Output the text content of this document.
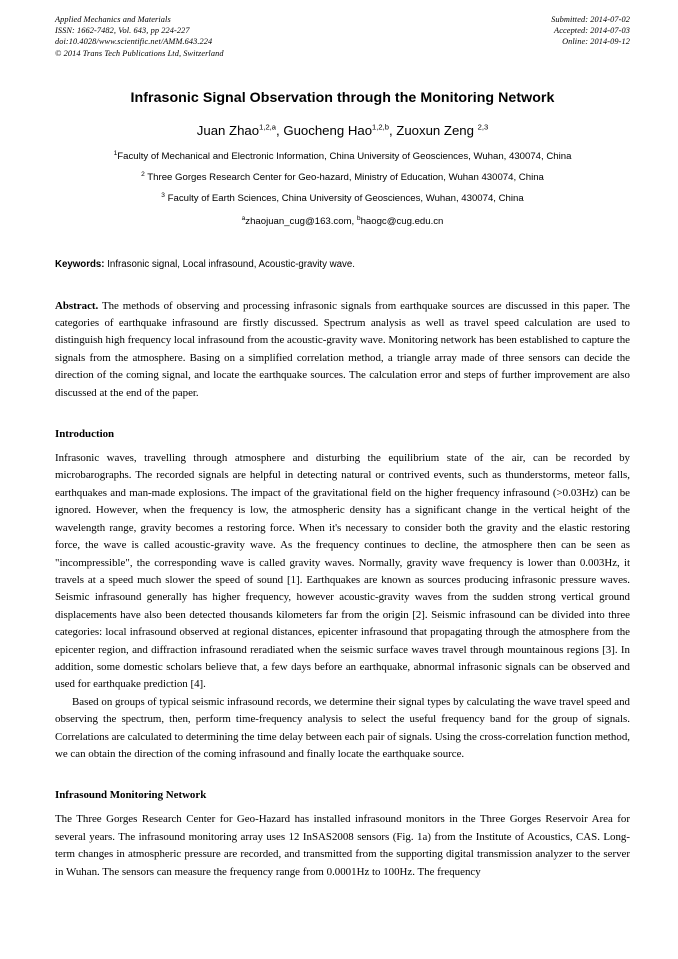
Applied Mechanics and Materials
ISSN: 1662-7482, Vol. 643, pp 224-227
doi:10.4028/www.scientific.net/AMM.643.224
© 2014 Trans Tech Publications Ltd, Switzerland
Submitted: 2014-07-02
Accepted: 2014-07-03
Online: 2014-09-12
Infrasonic Signal Observation through the Monitoring Network
Juan Zhao$^{1,2,a}$, Guocheng Hao$^{1,2,b}$, Zuoxun Zeng $^{2,3}$
$^1$Faculty of Mechanical and Electronic Information, China University of Geosciences, Wuhan, 430074, China
$^2$ Three Gorges Research Center for Geo-hazard, Ministry of Education, Wuhan 430074, China
$^3$ Faculty of Earth Sciences, China University of Geosciences, Wuhan, 430074, China
$^a$zhaojuan_cug@163.com, $^b$haogc@cug.edu.cn
Keywords: Infrasonic signal, Local infrasound, Acoustic-gravity wave.

Abstract. The methods of observing and processing infrasonic signals from earthquake sources are discussed in this paper. The categories of earthquake infrasound are firstly discussed. Spectrum analysis as well as travel speed calculation are used to distinguish high frequency local infrasound from the acoustic-gravity wave. Monitoring network has been established to capture the signals from the atmosphere. Basing on a simplified correlation method, a triangle array made of three sensors can decide the direction of the coming signal, and locate the earthquake sources. The calculation error and steps of further improvement are also discussed at the end of the paper.

Introduction

Infrasonic waves, travelling through atmosphere and disturbing the equilibrium state of the air, can be recorded by microbarographs. The recorded signals are helpful in detecting natural or contrived events, such as thunderstorms, meteor falls, earthquakes and man-made explosions. The impact of the gravitational field on the higher frequency infrasound (>0.03Hz) can be ignored. However, when the frequency is low, the atmospheric density has a significant change in the vertical height of the wavelength range, gravity becomes a restoring force. When it's necessary to consider both the gravity and the elastic restoring force, the wave is called acoustic-gravity wave. As the frequency continues to decline, the atmosphere then can be seen as "incompressible", the corresponding wave is called gravity waves. Normally, gravity wave frequency is lower than 0.003Hz, it travels at a speed much slower the speed of sound [1]. Earthquakes are known as sources producing infrasonic pressure waves. Seismic infrasound generally has higher frequency, however acoustic-gravity waves from the sudden strong vertical ground displacements have also been detected thousands kilometers far from the origin [2]. Seismic infrasound can be divided into three categories: local infrasound observed at regional distances, epicenter infrasound that propagating through the atmosphere from the epicenter region, and diffraction infrasound reradiated when the seismic surface waves travel through mountainous regions [3]. In addition, some domestic scholars believe that, a few days before an earthquake, abnormal infrasonic signals can be observed and used for earthquake prediction [4].

Based on groups of typical seismic infrasound records, we determine their signal types by calculating the wave travel speed and observing the spectrum, then, perform time-frequency analysis to select the useful frequency band for the group of signals. Correlations are calculated to determining the time delay between each pair of signals. Using the cross-correlation function method, we can obtain the direction of the coming infrasound and finally locate the earthquake source.

Infrasound Monitoring Network

The Three Gorges Research Center for Geo-Hazard has installed infrasound monitors in the Three Gorges Reservoir Area for several years. The infrasound monitoring array uses 12 InSAS2008 sensors (Fig. 1a) from the Institute of Acoustics, CAS. Long-term changes in atmospheric pressure are recorded, and transmitted from the supporting digital transmission analyzer to the server in Wuhan. The sensors can measure the frequency range from 0.0001Hz to 100Hz. The frequency
